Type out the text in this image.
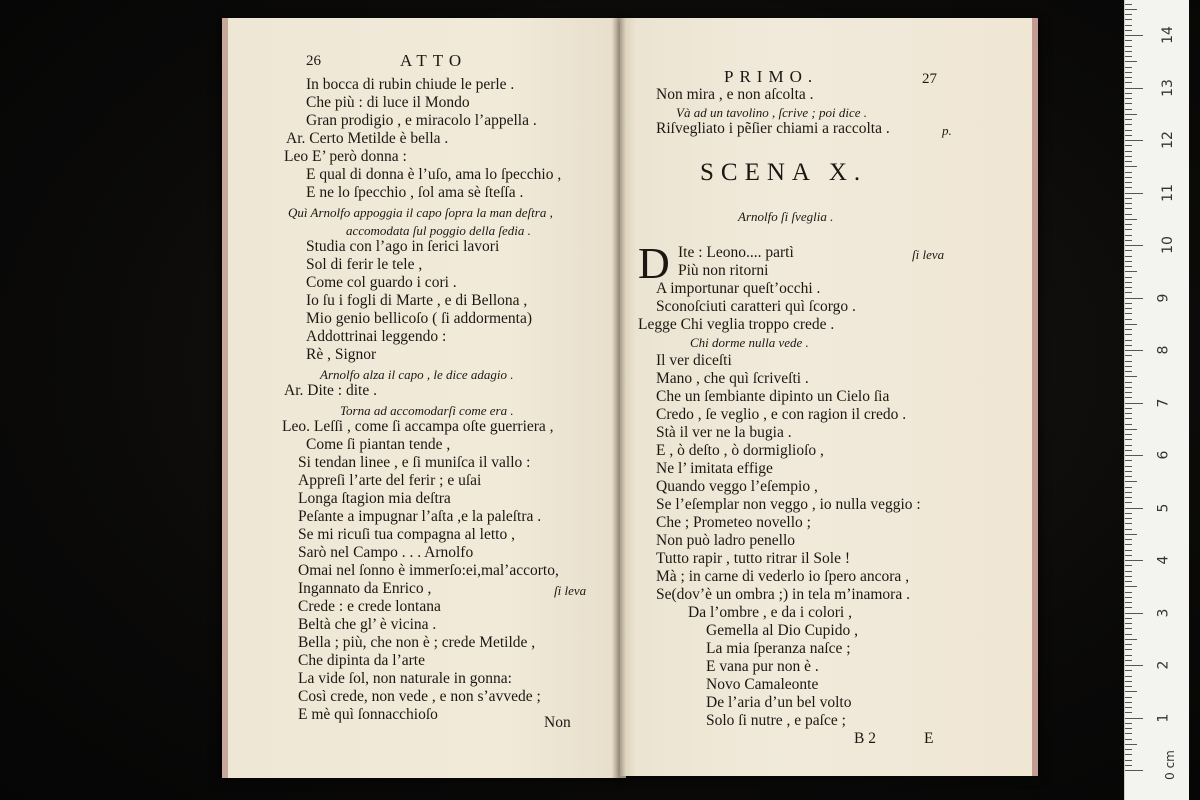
26	ATTO
In bocca di rubin chiude le perle .
Che più : di luce il Mondo
Gran prodigio , e miracolo l’appella .
Ar. Certo Metilde è bella .
Leo E’ però donna :
E qual di donna è l’uſo, ama lo ſpecchio ,
E ne lo ſpecchio , ſol ama sè ſteſſa .
Quì Arnolfo appoggia il capo ſopra la man deſtra ,
accomodata ſul poggio della ſedia .
Studia con l’ago in ſerici lavori
Sol di ferir le tele ,
Come col guardo i cori .
Io ſu i fogli di Marte , e di Bellona ,
Mio genio bellicoſo ( ſi addormenta)
Addottrinai leggendo :
Rè , Signor
Arnolfo alza il capo , le dice adagio .
Ar. Dite : dite .
Torna ad accomodarſi come era .
Leo. Leſſi , come ſi accampa oſte guerriera ,
Come ſi piantan tende ,
Si tendan linee , e ſi muniſca il vallo :
Appreſi l’arte del ferir ; e uſai
Longa ſtagion mia deſtra
Peſante a impugnar l’aſta ,e la paleſtra .
Se mi ricuſi tua compagna al letto ,
Sarò nel Campo . . . Arnolfo
Omai nel ſonno è immerſo:ei,mal’accorto,
Ingannato da Enrico ,	ſi leva
Crede : e crede lontana
Beltà che gl’ è vicina .
Bella ; più, che non è ; crede Metilde ,
Che dipinta da l’arte
La vide ſol, non naturale in gonna:
Così crede, non vede , e non s’avvede ;
E mè quì ſonnacchioſo	Non
PRIMO.	27
Non mira , e non aſcolta .
Và ad un tavolino , ſcrive ; poi dice .
Riſvegliato i pẽſier chiami a raccolta .	p.
SCENA X.
Arnolfo ſi ſveglia .
D Ite : Leono.... partì	ſi leva
Più non ritorni
A importunar queſt’occhi .
Sconoſciuti caratteri quì ſcorgo .
Legge Chi veglia troppo crede .
Chi dorme nulla vede .
Il ver diceſti
Mano , che quì ſcriveſti .
Che un ſembiante dipinto un Cielo ſia
Credo , ſe veglio , e con ragion il credo .
Stà il ver ne la bugia .
E , ò deſto , ò dormiglioſo ,
Ne l’ imitata effige
Quando veggo l’eſempio ,
Se l’eſemplar non veggo , io nulla veggio :
Che ; Prometeo novello ;
Non può ladro penello
Tutto rapir , tutto ritrar il Sole !
Mà ; in carne di vederlo io ſpero ancora ,
Se(dov’è un ombra ;) in tela m’inamora .
Da l’ombre , e da i colori ,
Gemella al Dio Cupido ,
La mia ſperanza naſce ;
E vana pur non è .
Novo Camaleonte
De l’aria d’un bel volto
Solo ſi nutre , e paſce ;
B 2	E
0 cm
1
2
3
4
5
6
7
8
9
10
11
12
13
14
